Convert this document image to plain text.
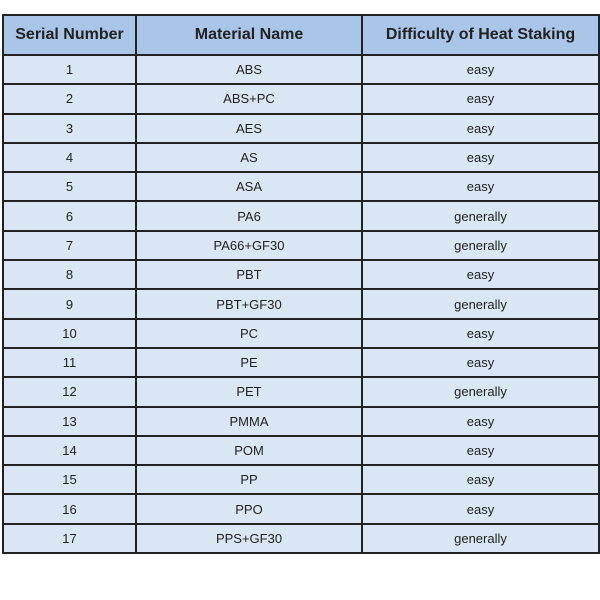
Serial Number	Material Name	Difficulty of Heat Staking
1	ABS	easy
2	ABS+PC	easy
3	AES	easy
4	AS	easy
5	ASA	easy
6	PA6	generally
7	PA66+GF30	generally
8	PBT	easy
9	PBT+GF30	generally
10	PC	easy
11	PE	easy
12	PET	generally
13	PMMA	easy
14	POM	easy
15	PP	easy
16	PPO	easy
17	PPS+GF30	generally
